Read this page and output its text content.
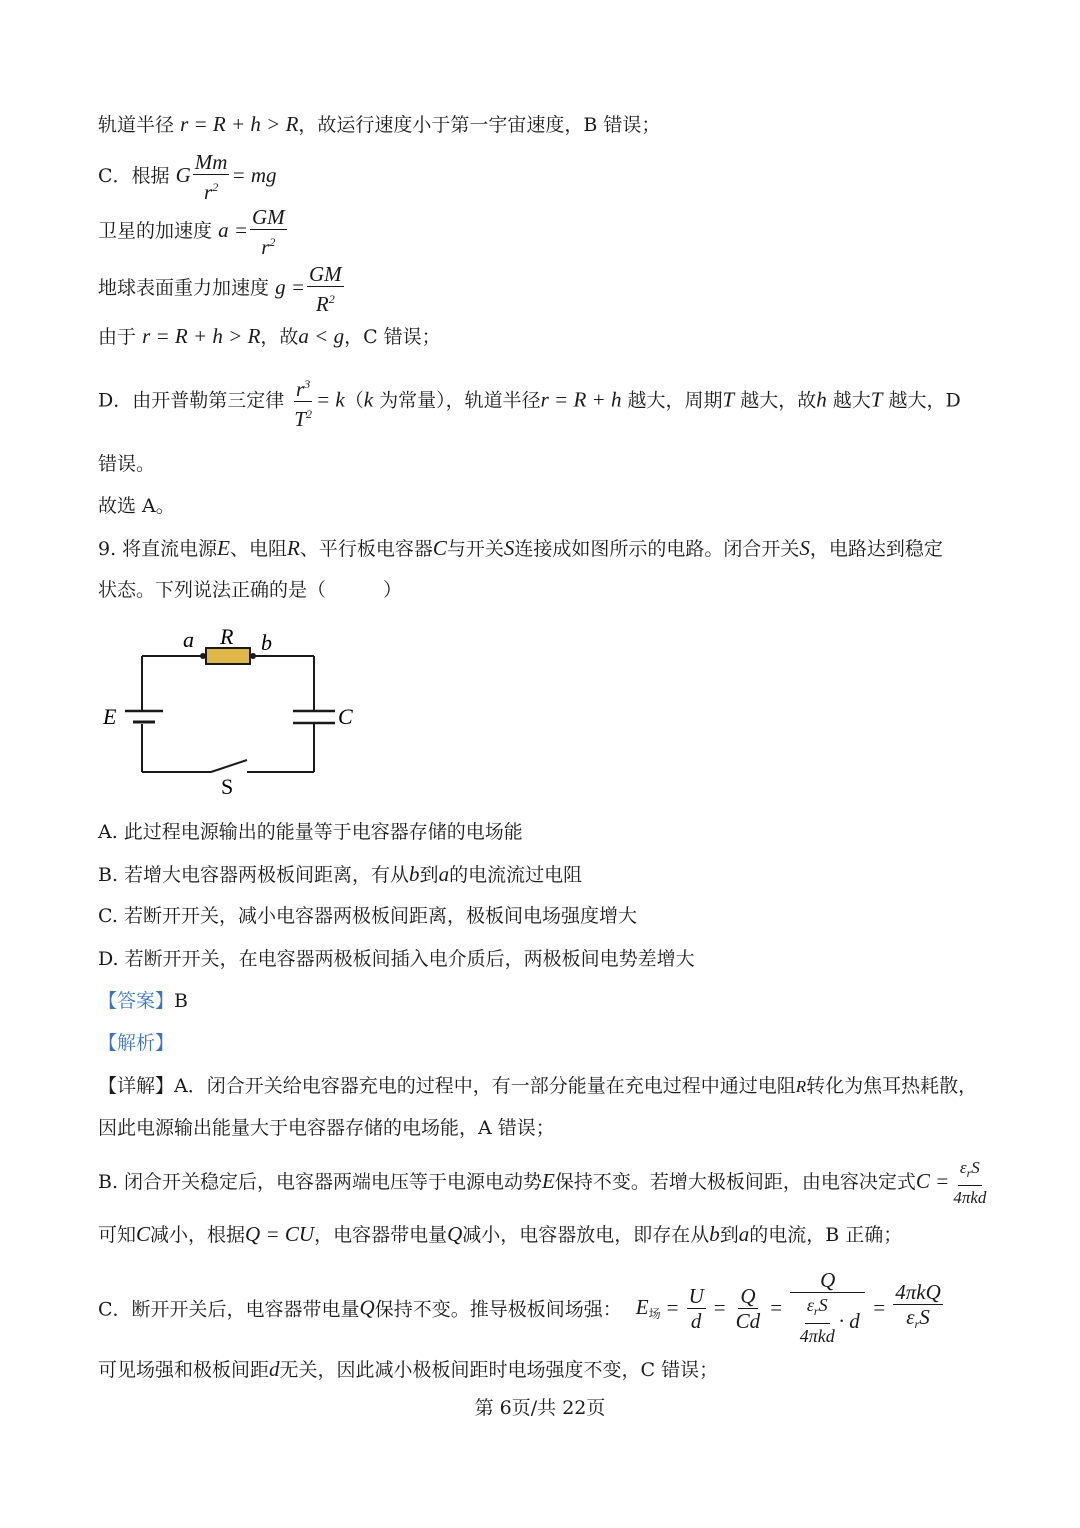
轨道半径 r = R + h > R，故运行速度小于第一宇宙速度，B 错误；
C．根据 G $\frac{Mm}{r^2}$ = mg
卫星的加速度 $a = \frac{GM}{r^2}$
地球表面重力加速度 $g = \frac{GM}{R^2}$
由于 r = R + h > R，故a < g，C 错误；
D．由开普勒第三定律 $\frac{r^3}{T^2} = k(k$ 为常量），轨道半径r = R + h 越大，周期T 越大，故h 越大T 越大，D
错误。
故选 A。
9. 将直流电源E、电阻R、平行板电容器C与开关S连接成如图所示的电路。闭合开关S，电路达到稳定
状态。下列说法正确的是（　　　）
a R b
E	C
S
A. 此过程电源输出的能量等于电容器存储的电场能
B. 若增大电容器两极板间距离，有从b到a的电流流过电阻
C. 若断开开关，减小电容器两极板间距离，极板间电场强度增大
D. 若断开开关，在电容器两极板间插入电介质后，两极板间电势差增大
【答案】B
【解析】
【详解】A．闭合开关给电容器充电的过程中，有一部分能量在充电过程中通过电阻R转化为焦耳热耗散，
因此电源输出能量大于电容器存储的电场能，A 错误；
B. 闭合开关稳定后，电容器两端电压等于电源电动势E保持不变。若增大极板间距，由电容决定式$C = \frac{\varepsilon_rS}{\text{4πkd}}$
可知C减小，根据Q = CU，电容器带电量Q减小，电容器放电，即存在从b到a的电流，B 正确；
C．断开开关后，电容器带电量Q保持不变。推导极板间场强： $E_场 = \frac{U}{d} = \frac{Q}{Cd} = \frac{Q}{\frac{\varepsilon_rS}{\text{4πkd}} \cdot d} = \frac{\text{4πkQ}}{\varepsilon_rS}$
可见场强和极板间距d无关，因此减小极板间距时电场强度不变，C 错误；
第 6页/共 22页
